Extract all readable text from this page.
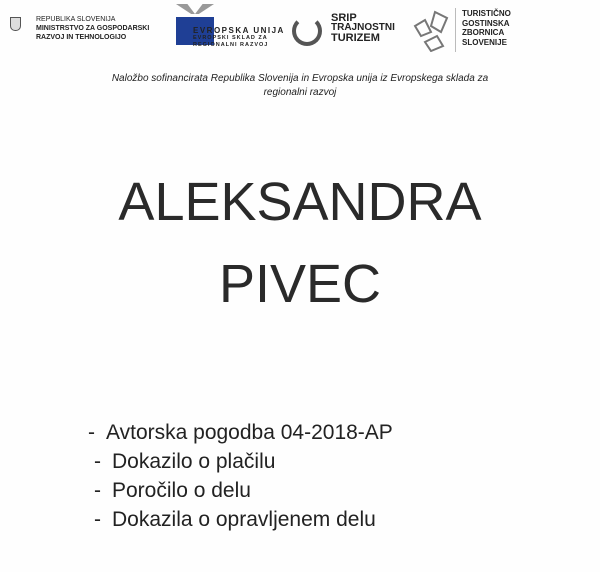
REPUBLIKA SLOVENIJA
MINISTRSTVO ZA GOSPODARSKI
RAZVOJ IN TEHNOLOGIJO
EVROPSKA UNIJA
EVROPSKI SKLAD ZA
REGIONALNI RAZVOJ
SRIP
TRAJNOSTNI
TURIZEM
TURISTIČNO
GOSTINSKA
ZBORNICA
SLOVENIJE
Naložbo sofinancirata Republika Slovenija in Evropska unija iz Evropskega sklada za
regionalni razvoj
ALEKSANDRA
PIVEC
- Avtorska pogodba 04-2018-AP
- Dokazilo o plačilu
- Poročilo o delu
- Dokazila o opravljenem delu
